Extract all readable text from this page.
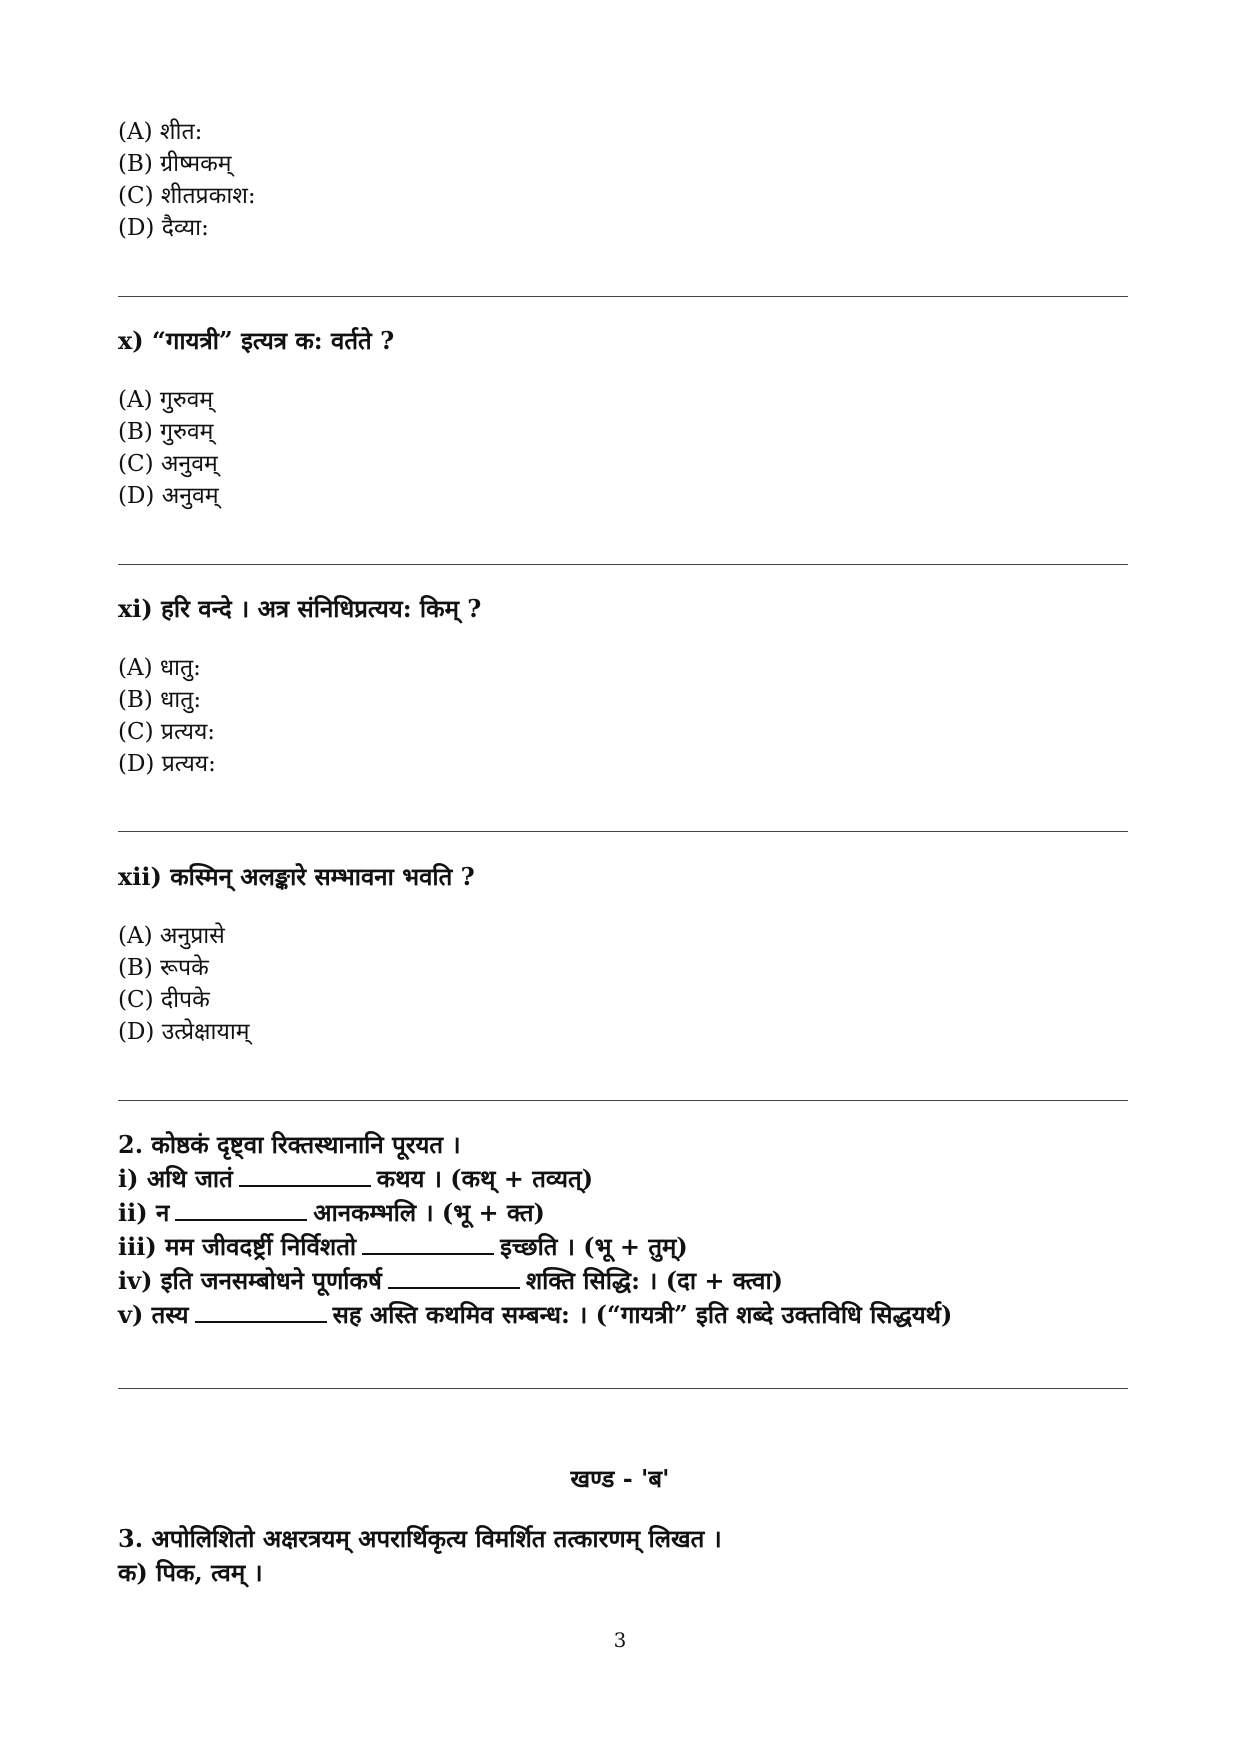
(A) शीत:
(B) ग्रीष्मकम्
(C) शीतप्रकाश:
(D) दैव्या:
x) “गायत्री” इत्यत्र क: वर्तते ?
(A) गुरुवम्
(B) गुरुवम्
(C) अनुवम्
(D) अनुवम्
xi) हरि वन्दे । अत्र संनिधिप्रत्यय: किम् ?
(A) धातु:
(B) धातु:
(C) प्रत्यय:
(D) प्रत्यय:
xii) कस्मिन् अलङ्कारे सम्भावना भवति ?
(A) अनुप्रासे
(B) रूपके
(C) दीपके
(D) उत्प्रेक्षायाम्
2. कोष्ठकं दृष्ट्वा रिक्तस्थानानि पूरयत ।
i) अथि जातं	कथय । (कथ् + तव्यत्)
ii) न	आनकम्भलि । (भू + क्त)
iii) मम जीवदर्ष्ट्री निर्विशतो	इच्छति । (भू + तुम्)
iv) इति जनसम्बोधने पूर्णाकर्ष	शक्ति सिद्धि: । (दा + क्त्वा)
v) तस्य	सह अस्ति कथमिव सम्बन्ध: । (“गायत्री” इति शब्दे उक्तविधि सिद्धयर्थ)
खण्ड - 'ब'
3. अपोलिशितो अक्षरत्रयम् अपरार्थिकृत्य विमर्शित तत्कारणम् लिखत ।
क) पिक, त्वम् ।
3
